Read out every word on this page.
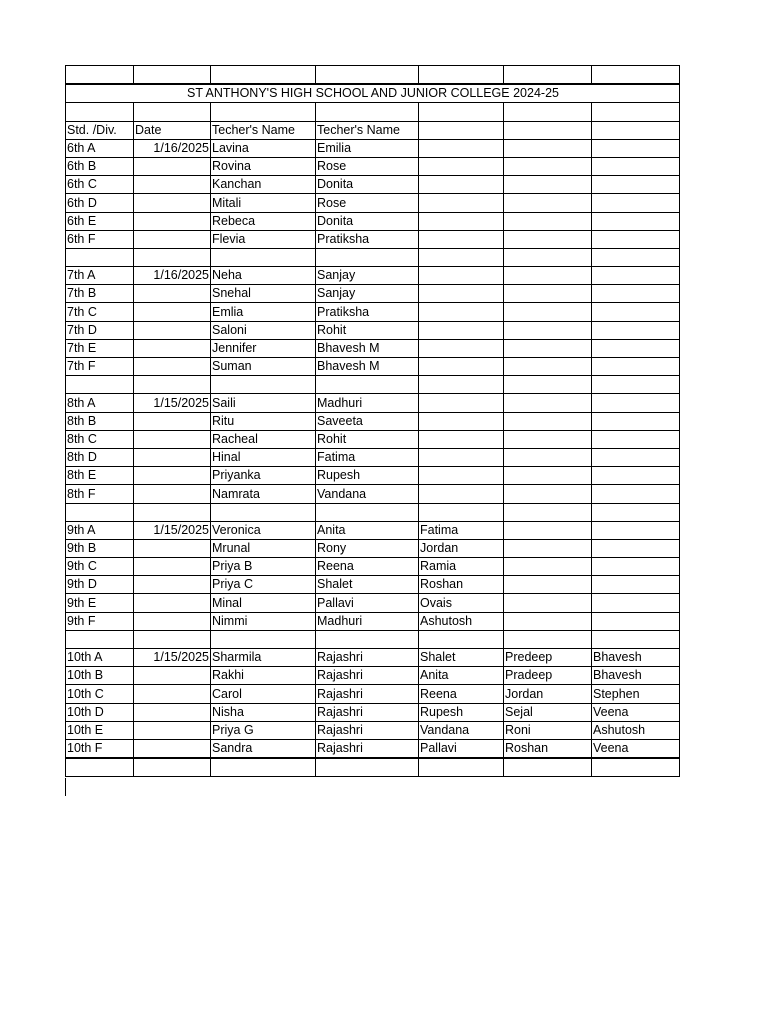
ST ANTHONY'S HIGH SCHOOL AND JUNIOR COLLEGE 2024-25						

Std. /Div.	Date	Techer's Name	Techer's Name			
6th A	1/16/2025	Lavina	Emilia			
6th B		Rovina	Rose			
6th C		Kanchan	Donita			
6th D		Mitali	Rose			
6th E		Rebeca	Donita			
6th F		Flevia	Pratiksha			

7th A	1/16/2025	Neha	Sanjay			
7th B		Snehal	Sanjay			
7th C		Emlia	Pratiksha			
7th D		Saloni	Rohit			
7th E		Jennifer	Bhavesh M			
7th F		Suman	Bhavesh M			

8th A	1/15/2025	Saili	Madhuri			
8th B		Ritu	Saveeta			
8th C		Racheal	Rohit			
8th D		Hinal	Fatima			
8th E		Priyanka	Rupesh			
8th F		Namrata	Vandana			

9th A	1/15/2025	Veronica	Anita	Fatima		
9th B		Mrunal	Rony	Jordan		
9th C		Priya B	Reena	Ramia		
9th D		Priya C	Shalet	Roshan		
9th E		Minal	Pallavi	Ovais		
9th F		Nimmi	Madhuri	Ashutosh		

10th A	1/15/2025	Sharmila	Rajashri	Shalet	Predeep	Bhavesh
10th B		Rakhi	Rajashri	Anita	Pradeep	Bhavesh
10th C		Carol	Rajashri	Reena	Jordan	Stephen
10th D		Nisha	Rajashri	Rupesh	Sejal	Veena
10th E		Priya G	Rajashri	Vandana	Roni	Ashutosh
10th F		Sandra	Rajashri	Pallavi	Roshan	Veena
